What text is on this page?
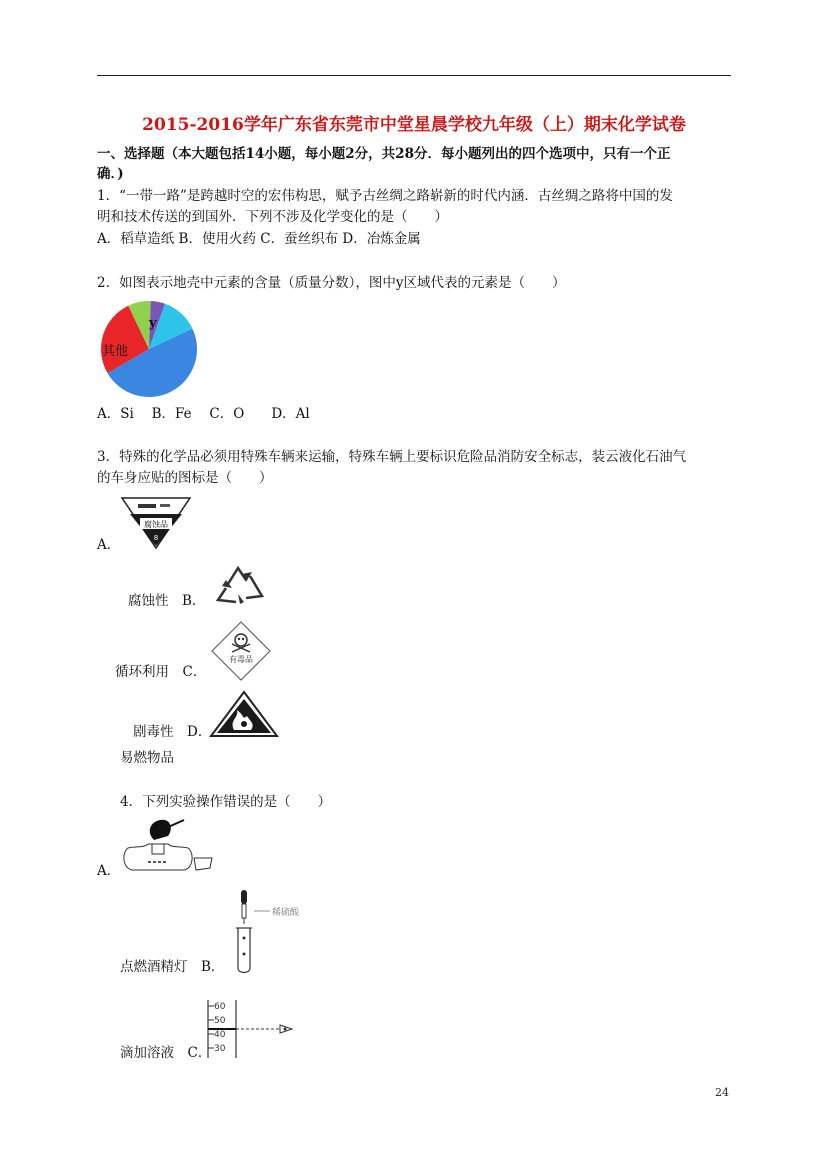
2015-2016学年广东省东莞市中堂星晨学校九年级（上）期末化学试卷
一、选择题（本大题包括14小题，每小题2分，共28分．每小题列出的四个选项中，只有一个正
确．)
1．“一带一路”是跨越时空的宏伟构思，赋予古丝绸之路崭新的时代内涵．古丝绸之路将中国的发
明和技术传送的到国外．下列不涉及化学变化的是（　　）
A．稻草造纸 B．使用火药 C．蚕丝织布 D．冶炼金属
2．如图表示地壳中元素的含量（质量分数），图中y区域代表的元素是（　　）
y
其他
A．Si　 B．Fe　 C．O　　D．Al
3．特殊的化学品必须用特殊车辆来运输，特殊车辆上要标识危险品消防安全标志，装云液化石油气
的车身应贴的图标是（　　）
腐蚀品
8
A．
腐蚀性　B．
循环利用　C．
有毒品
剧毒性　D．
易燃物品
4．下列实验操作错误的是（　　）
A．
稀硫酸
点燃酒精灯　B．
60
50
40
30
滴加溶液　C．
24
